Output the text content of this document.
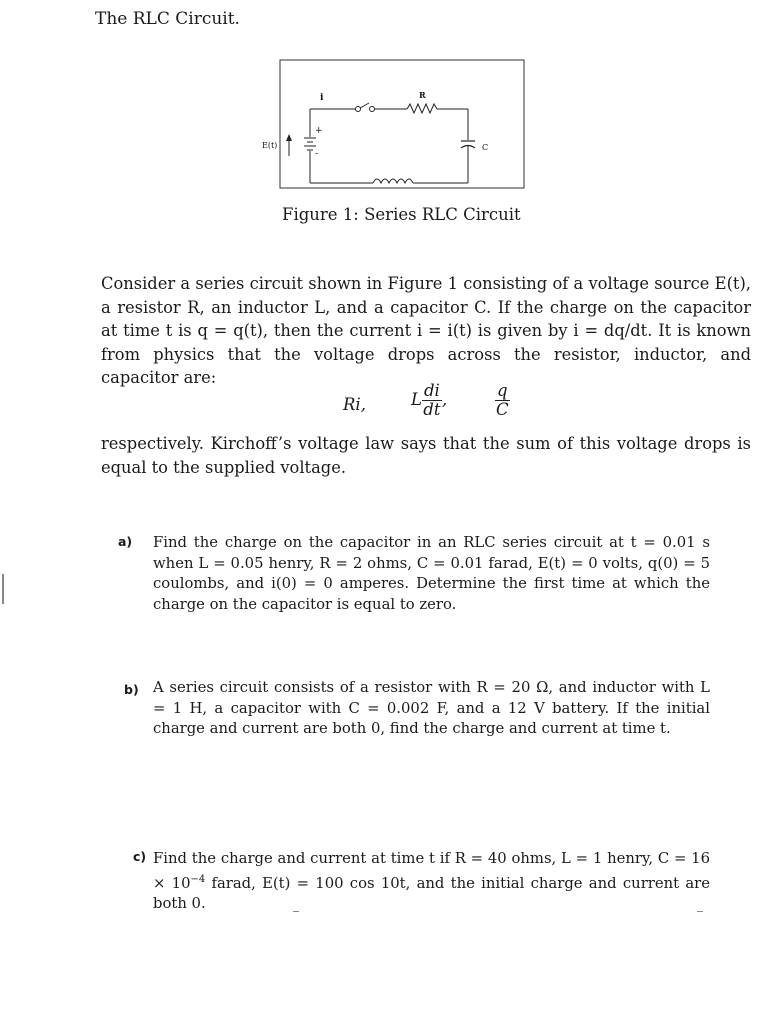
The RLC Circuit.
i	R
E(t)
+
-
C
Figure 1: Series RLC Circuit
Consider a series circuit shown in Figure 1 consisting of a voltage source E(t), a resistor R, an inductor L, and a capacitor C. If the charge on the capacitor at time t is q = q(t), then the current i = i(t) is given by i = dq/dt. It is known from physics that the voltage drops across the resistor, inductor, and capacitor are:
Ri,	L $\frac{di}{dt}$ ,	$\frac{q}{C}$
respectively. Kirchoff’s voltage law says that the sum of this voltage drops is equal to the supplied voltage.
a) Find the charge on the capacitor in an RLC series circuit at t = 0.01 s when L = 0.05 henry, R = 2 ohms, C = 0.01 farad, E(t) = 0 volts, q(0) = 5 coulombs, and i(0) = 0 amperes. Determine the first time at which the charge on the capacitor is equal to zero.
b) A series circuit consists of a resistor with R = 20 Ω, and inductor with L = 1 H, a capacitor with C = 0.002 F, and a 12 V battery. If the initial charge and current are both 0, find the charge and current at time t.
c) Find the charge and current at time t if R = 40 ohms, L = 1 henry, $C = 16 \times 10^{-4}$ farad, E(t) = 100 cos 10t, and the initial charge and current are both 0.
